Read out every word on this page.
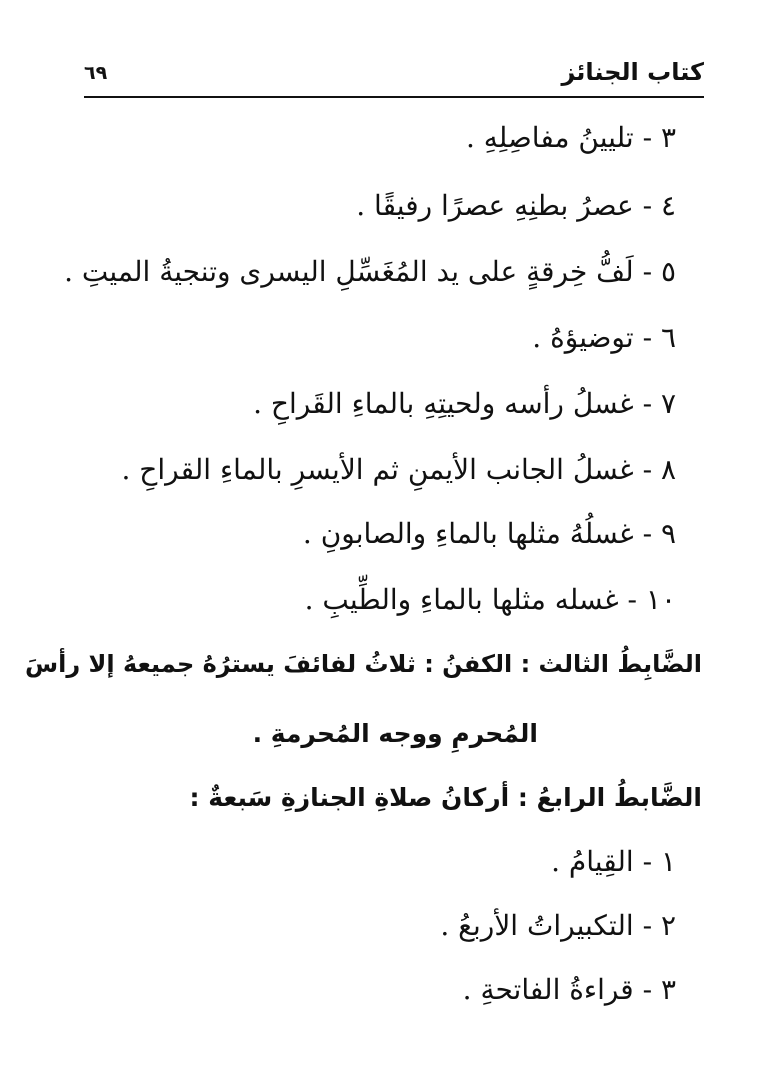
كتاب الجنائز
٦٩
٣ - تليينُ مفاصِلِهِ .
٤ - عصرُ بطنِهِ عصرًا رفيقًا .
٥ - لَفُّ خِرقةٍ على يد المُغَسِّلِ اليسرى وتنجيةُ الميتِ .
٦ - توضيؤهُ .
٧ - غسلُ رأسه ولحيتِهِ بالماءِ القَراحِ .
٨ - غسلُ الجانب الأيمنِ ثم الأيسرِ بالماءِ القراحِ .
٩ - غسلُهُ مثلها بالماءِ والصابونِ .
١٠ - غسله مثلها بالماءِ والطِّيبِ .
الضَّابِطُ الثالث : الكفنُ : ثلاثُ لفائفَ يسترُهُ جميعهُ إلا رأسَ
المُحرمِ ووجه المُحرمةِ .
الضَّابطُ الرابعُ : أركانُ صلاةِ الجنازةِ سَبعةٌ :
١ - القِيامُ .
٢ - التكبيراتُ الأربعُ .
٣ - قراءةُ الفاتحةِ .
